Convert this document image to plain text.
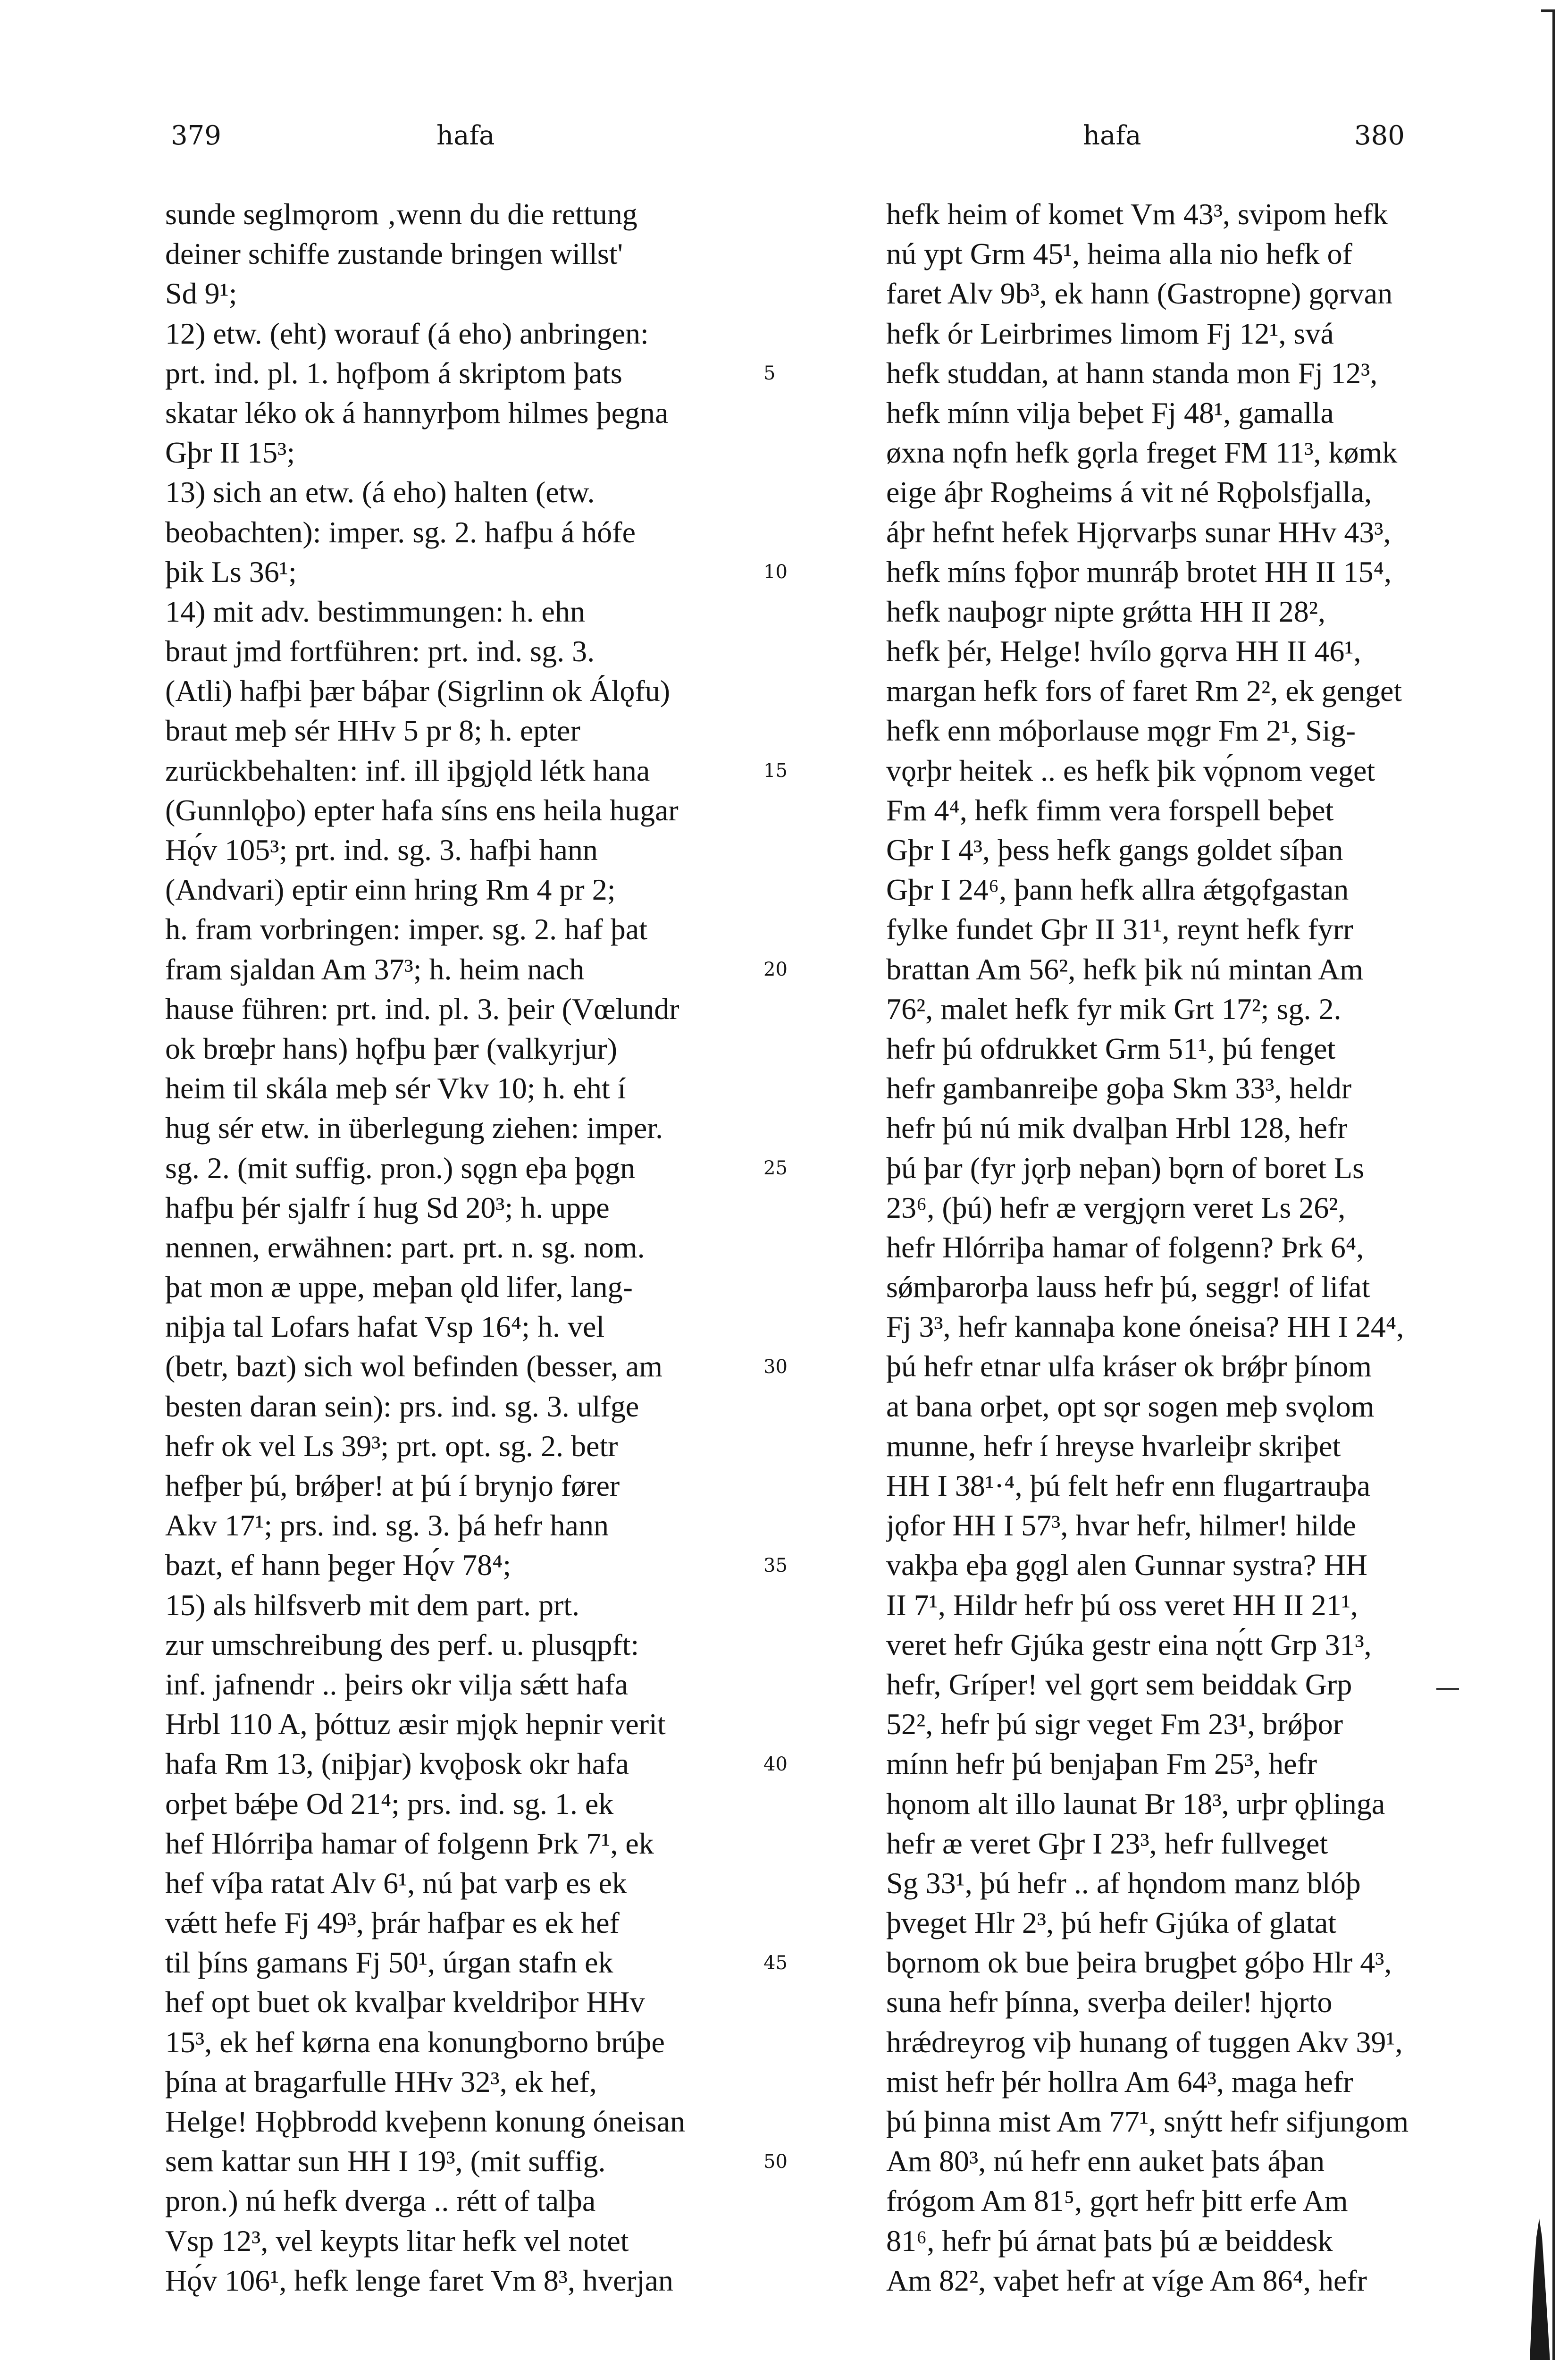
379	hafa	hafa	380
sunde seglmǫrom ‚wenn du die rettung
deiner schiffe zustande bringen willst'
Sd 9¹;
12) etw. (eht) worauf (á eho) anbringen:
prt. ind. pl. 1. hǫfþom á skriptom þats
skatar léko ok á hannyrþom hilmes þegna
Gþr II 15³;
13) sich an etw. (á eho) halten (etw.
beobachten): imper. sg. 2. hafþu á hófe
þik Ls 36¹;
14) mit adv. bestimmungen: h. ehn
braut jmd fortführen: prt. ind. sg. 3.
(Atli) hafþi þær báþar (Sigrlinn ok Álǫfu)
braut meþ sér HHv 5 pr 8; h. epter
zurückbehalten: inf. ill iþgjǫld létk hana
(Gunnlǫþo) epter hafa síns ens heila hugar
Hǫ́v 105³; prt. ind. sg. 3. hafþi hann
(Andvari) eptir einn hring Rm 4 pr 2;
h. fram vorbringen: imper. sg. 2. haf þat
fram sjaldan Am 37³; h. heim nach
hause führen: prt. ind. pl. 3. þeir (Vœlundr
ok brœþr hans) hǫfþu þær (valkyrjur)
heim til skála meþ sér Vkv 10; h. eht í
hug sér etw. in überlegung ziehen: imper.
sg. 2. (mit suffig. pron.) sǫgn eþa þǫgn
hafþu þér sjalfr í hug Sd 20³; h. uppe
nennen, erwähnen: part. prt. n. sg. nom.
þat mon æ uppe, meþan ǫld lifer, lang-
niþja tal Lofars hafat Vsp 16⁴; h. vel
(betr, bazt) sich wol befinden (besser, am
besten daran sein): prs. ind. sg. 3. ulfge
hefr ok vel Ls 39³; prt. opt. sg. 2. betr
hefþer þú, brǿþer! at þú í brynjo fører
Akv 17¹; prs. ind. sg. 3. þá hefr hann
bazt, ef hann þeger Hǫ́v 78⁴;
15) als hilfsverb mit dem part. prt.
zur umschreibung des perf. u. plusqpft:
inf. jafnendr .. þeirs okr vilja sǽtt hafa
Hrbl 110 A, þóttuz æsir mjǫk hepnir verit
hafa Rm 13, (niþjar) kvǫþosk okr hafa
orþet bǽþe Od 21⁴; prs. ind. sg. 1. ek
hef Hlórriþa hamar of folgenn Þrk 7¹, ek
hef víþa ratat Alv 6¹, nú þat varþ es ek
vǽtt hefe Fj 49³, þrár hafþar es ek hef
til þíns gamans Fj 50¹, úrgan stafn ek
hef opt buet ok kvalþar kveldriþor HHv
15³, ek hef kørna ena konungborno brúþe
þína at bragarfulle HHv 32³, ek hef,
Helge! Hǫþbrodd kveþenn konung óneisan
sem kattar sun HH I 19³, (mit suffig.
pron.) nú hefk dverga .. rétt of talþa
Vsp 12³, vel keypts litar hefk vel notet
Hǫ́v 106¹, hefk lenge faret Vm 8³, hverjan
5
10
15
20
25
30
35
40
45
50
hefk heim of komet Vm 43³, svipom hefk
nú ypt Grm 45¹, heima alla nio hefk of
faret Alv 9b³, ek hann (Gastropne) gǫrvan
hefk ór Leirbrimes limom Fj 12¹, svá
hefk studdan, at hann standa mon Fj 12³,
hefk mínn vilja beþet Fj 48¹, gamalla
øxna nǫfn hefk gǫrla freget FM 11³, kømk
eige áþr Rogheims á vit né Rǫþolsfjalla,
áþr hefnt hefek Hjǫrvarþs sunar HHv 43³,
hefk míns fǫþor munráþ brotet HH II 15⁴,
hefk nauþogr nipte grǿtta HH II 28²,
hefk þér, Helge! hvílo gǫrva HH II 46¹,
margan hefk fors of faret Rm 2², ek genget
hefk enn móþorlause mǫgr Fm 2¹, Sig-
vǫrþr heitek .. es hefk þik vǫ́pnom veget
Fm 4⁴, hefk fimm vera forspell beþet
Gþr I 4³, þess hefk gangs goldet síþan
Gþr I 24⁶, þann hefk allra ǽtgǫfgastan
fylke fundet Gþr II 31¹, reynt hefk fyrr
brattan Am 56², hefk þik nú mintan Am
76², malet hefk fyr mik Grt 17²; sg. 2.
hefr þú ofdrukket Grm 51¹, þú fenget
hefr gambanreiþe goþa Skm 33³, heldr
hefr þú nú mik dvalþan Hrbl 128, hefr
þú þar (fyr jǫrþ neþan) bǫrn of boret Ls
23⁶, (þú) hefr æ vergjǫrn veret Ls 26²,
hefr Hlórriþa hamar of folgenn? Þrk 6⁴,
sǿmþarorþa lauss hefr þú, seggr! of lifat
Fj 3³, hefr kannaþa kone óneisa? HH I 24⁴,
þú hefr etnar ulfa kráser ok brǿþr þínom
at bana orþet, opt sǫr sogen meþ svǫlom
munne, hefr í hreyse hvarleiþr skriþet
HH I 38¹·⁴, þú felt hefr enn flugartrauþa
jǫfor HH I 57³, hvar hefr, hilmer! hilde
vakþa eþa gǫgl alen Gunnar systra? HH
II 7¹, Hildr hefr þú oss veret HH II 21¹,
veret hefr Gjúka gestr eina nǫ́tt Grp 31³,
hefr, Gríper! vel gǫrt sem beiddak Grp
52², hefr þú sigr veget Fm 23¹, brǿþor
mínn hefr þú benjaþan Fm 25³, hefr
hǫnom alt illo launat Br 18³, urþr ǫþlinga
hefr æ veret Gþr I 23³, hefr fullveget
Sg 33¹, þú hefr .. af hǫndom manz blóþ
þveget Hlr 2³, þú hefr Gjúka of glatat
bǫrnom ok bue þeira brugþet góþo Hlr 4³,
suna hefr þínna, sverþa deiler! hjǫrto
hrǽdreyrog viþ hunang of tuggen Akv 39¹,
mist hefr þér hollra Am 64³, maga hefr
þú þinna mist Am 77¹, snýtt hefr sifjungom
Am 80³, nú hefr enn auket þats áþan
frógom Am 81⁵, gǫrt hefr þitt erfe Am
81⁶, hefr þú árnat þats þú æ beiddesk
Am 82², vaþet hefr at víge Am 86⁴, hefr
